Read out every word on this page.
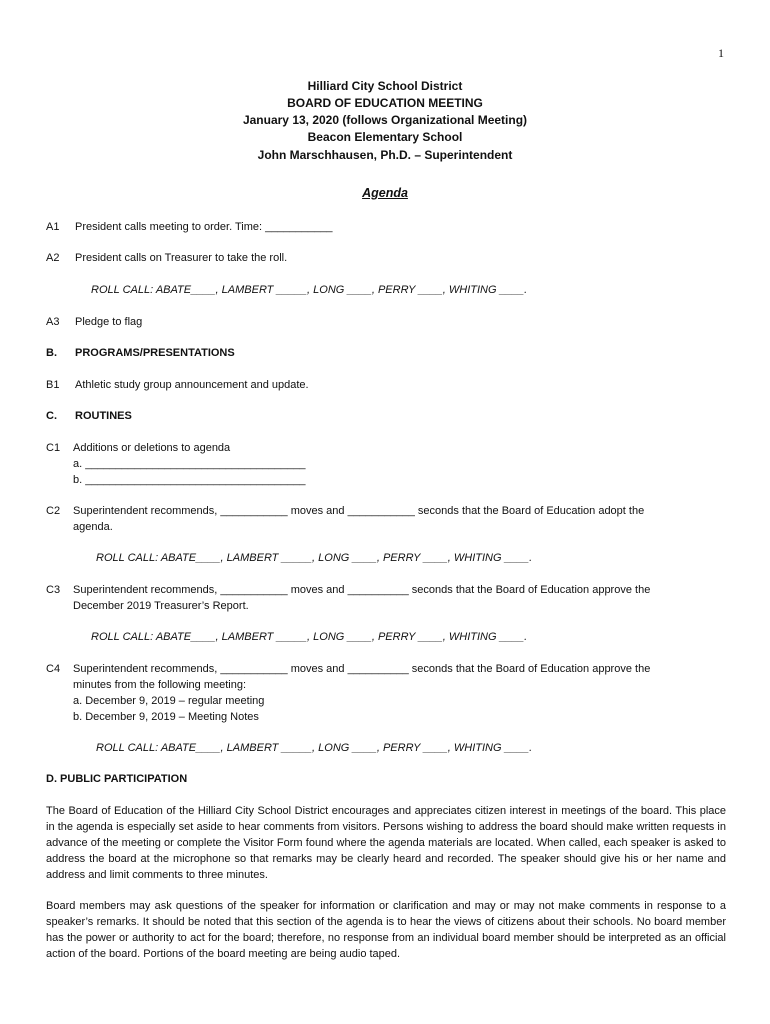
1
Hilliard City School District
BOARD OF EDUCATION MEETING
January 13, 2020 (follows Organizational Meeting)
Beacon Elementary School
John Marschhausen, Ph.D. – Superintendent
Agenda
A1 President calls meeting to order. Time: ___________
A2 President calls on Treasurer to take the roll.
ROLL CALL: ABATE____, LAMBERT _____, LONG ____, PERRY ____, WHITING ____.
A3 Pledge to flag
B. PROGRAMS/PRESENTATIONS
B1 Athletic study group announcement and update.
C. ROUTINES
C1 Additions or deletions to agenda
a. ____________________________________
b. ____________________________________
C2 Superintendent recommends, ___________ moves and ___________ seconds that the Board of Education adopt the
agenda.
ROLL CALL: ABATE____, LAMBERT _____, LONG ____, PERRY ____, WHITING ____.
C3 Superintendent recommends, ___________ moves and __________ seconds that the Board of Education approve the
December 2019 Treasurer’s Report.
ROLL CALL: ABATE____, LAMBERT _____, LONG ____, PERRY ____, WHITING ____.
C4 Superintendent recommends, ___________ moves and __________ seconds that the Board of Education approve the
minutes from the following meeting:
a. December 9, 2019 – regular meeting
b. December 9, 2019 – Meeting Notes
ROLL CALL: ABATE____, LAMBERT _____, LONG ____, PERRY ____, WHITING ____.
D. PUBLIC PARTICIPATION
The Board of Education of the Hilliard City School District encourages and appreciates citizen interest in meetings of the board. This place in the agenda is especially set aside to hear comments from visitors. Persons wishing to address the board should make written requests in advance of the meeting or complete the Visitor Form found where the agenda materials are located. When called, each speaker is asked to address the board at the microphone so that remarks may be clearly heard and recorded. The speaker should give his or her name and address and limit comments to three minutes.
Board members may ask questions of the speaker for information or clarification and may or may not make comments in response to a speaker’s remarks. It should be noted that this section of the agenda is to hear the views of citizens about their schools. No board member has the power or authority to act for the board; therefore, no response from an individual board member should be interpreted as an official action of the board. Portions of the board meeting are being audio taped.
